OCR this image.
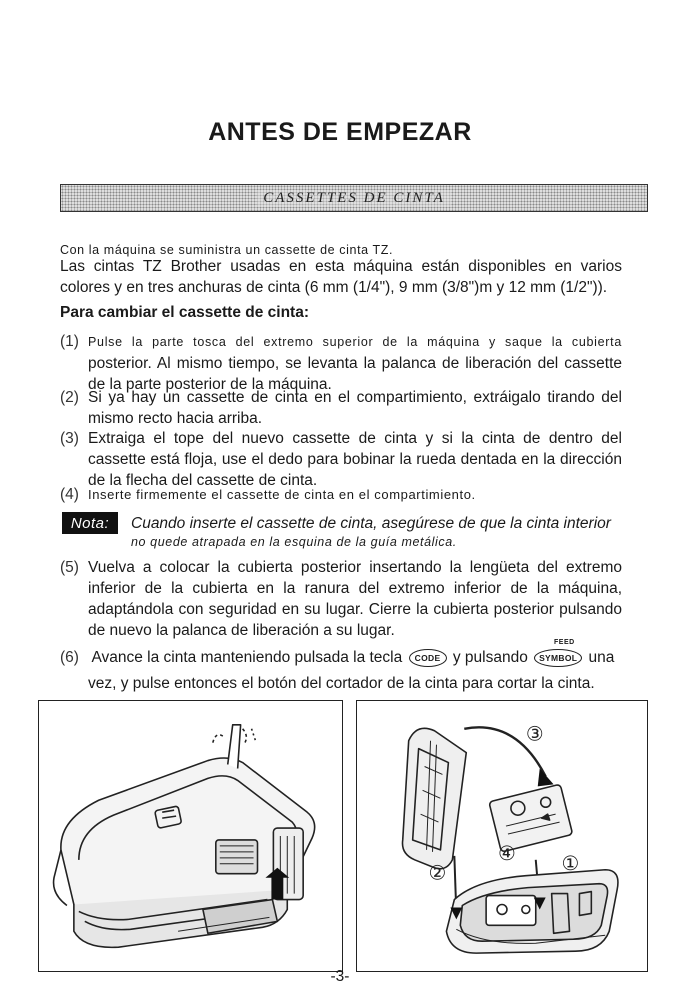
ANTES DE EMPEZAR
CASSETTES DE CINTA
Con la máquina se suministra un cassette de cinta TZ.
Las cintas TZ Brother usadas en esta máquina están disponibles en varios colores y en tres anchuras de cinta (6 mm (1/4"), 9 mm (3/8")m y 12 mm (1/2")).
Para cambiar el cassette de cinta:
(1) Pulse la parte tosca del extremo superior de la máquina y saque la cubierta posterior. Al mismo tiempo, se levanta la palanca de liberación del cassette de la parte posterior de la máquina.
(2) Si ya hay un cassette de cinta en el compartimiento, extráigalo tirando del mismo recto hacia arriba.
(3) Extraiga el tope del nuevo cassette de cinta y si la cinta de dentro del cassette está floja, use el dedo para bobinar la rueda dentada en la dirección de la flecha del cassette de cinta.
(4) Inserte firmemente el cassette de cinta en el compartimiento.
Nota:	Cuando inserte el cassette de cinta, asegúrese de que la cinta interior
no quede atrapada en la esquina de la guía metálica.
(5) Vuelva a colocar la cubierta posterior insertando la lengüeta del extremo inferior de la cubierta en la ranura del extremo inferior de la máquina, adaptándola con seguridad en su lugar. Cierre la cubierta posterior pulsando de nuevo la palanca de liberación a su lugar.
FEED
(6) Avance la cinta manteniendo pulsada la tecla CODE y pulsando SYMBOL una
vez, y pulse entonces el botón del cortador de la cinta para cortar la cinta.
③
④ ①
②
-3-
